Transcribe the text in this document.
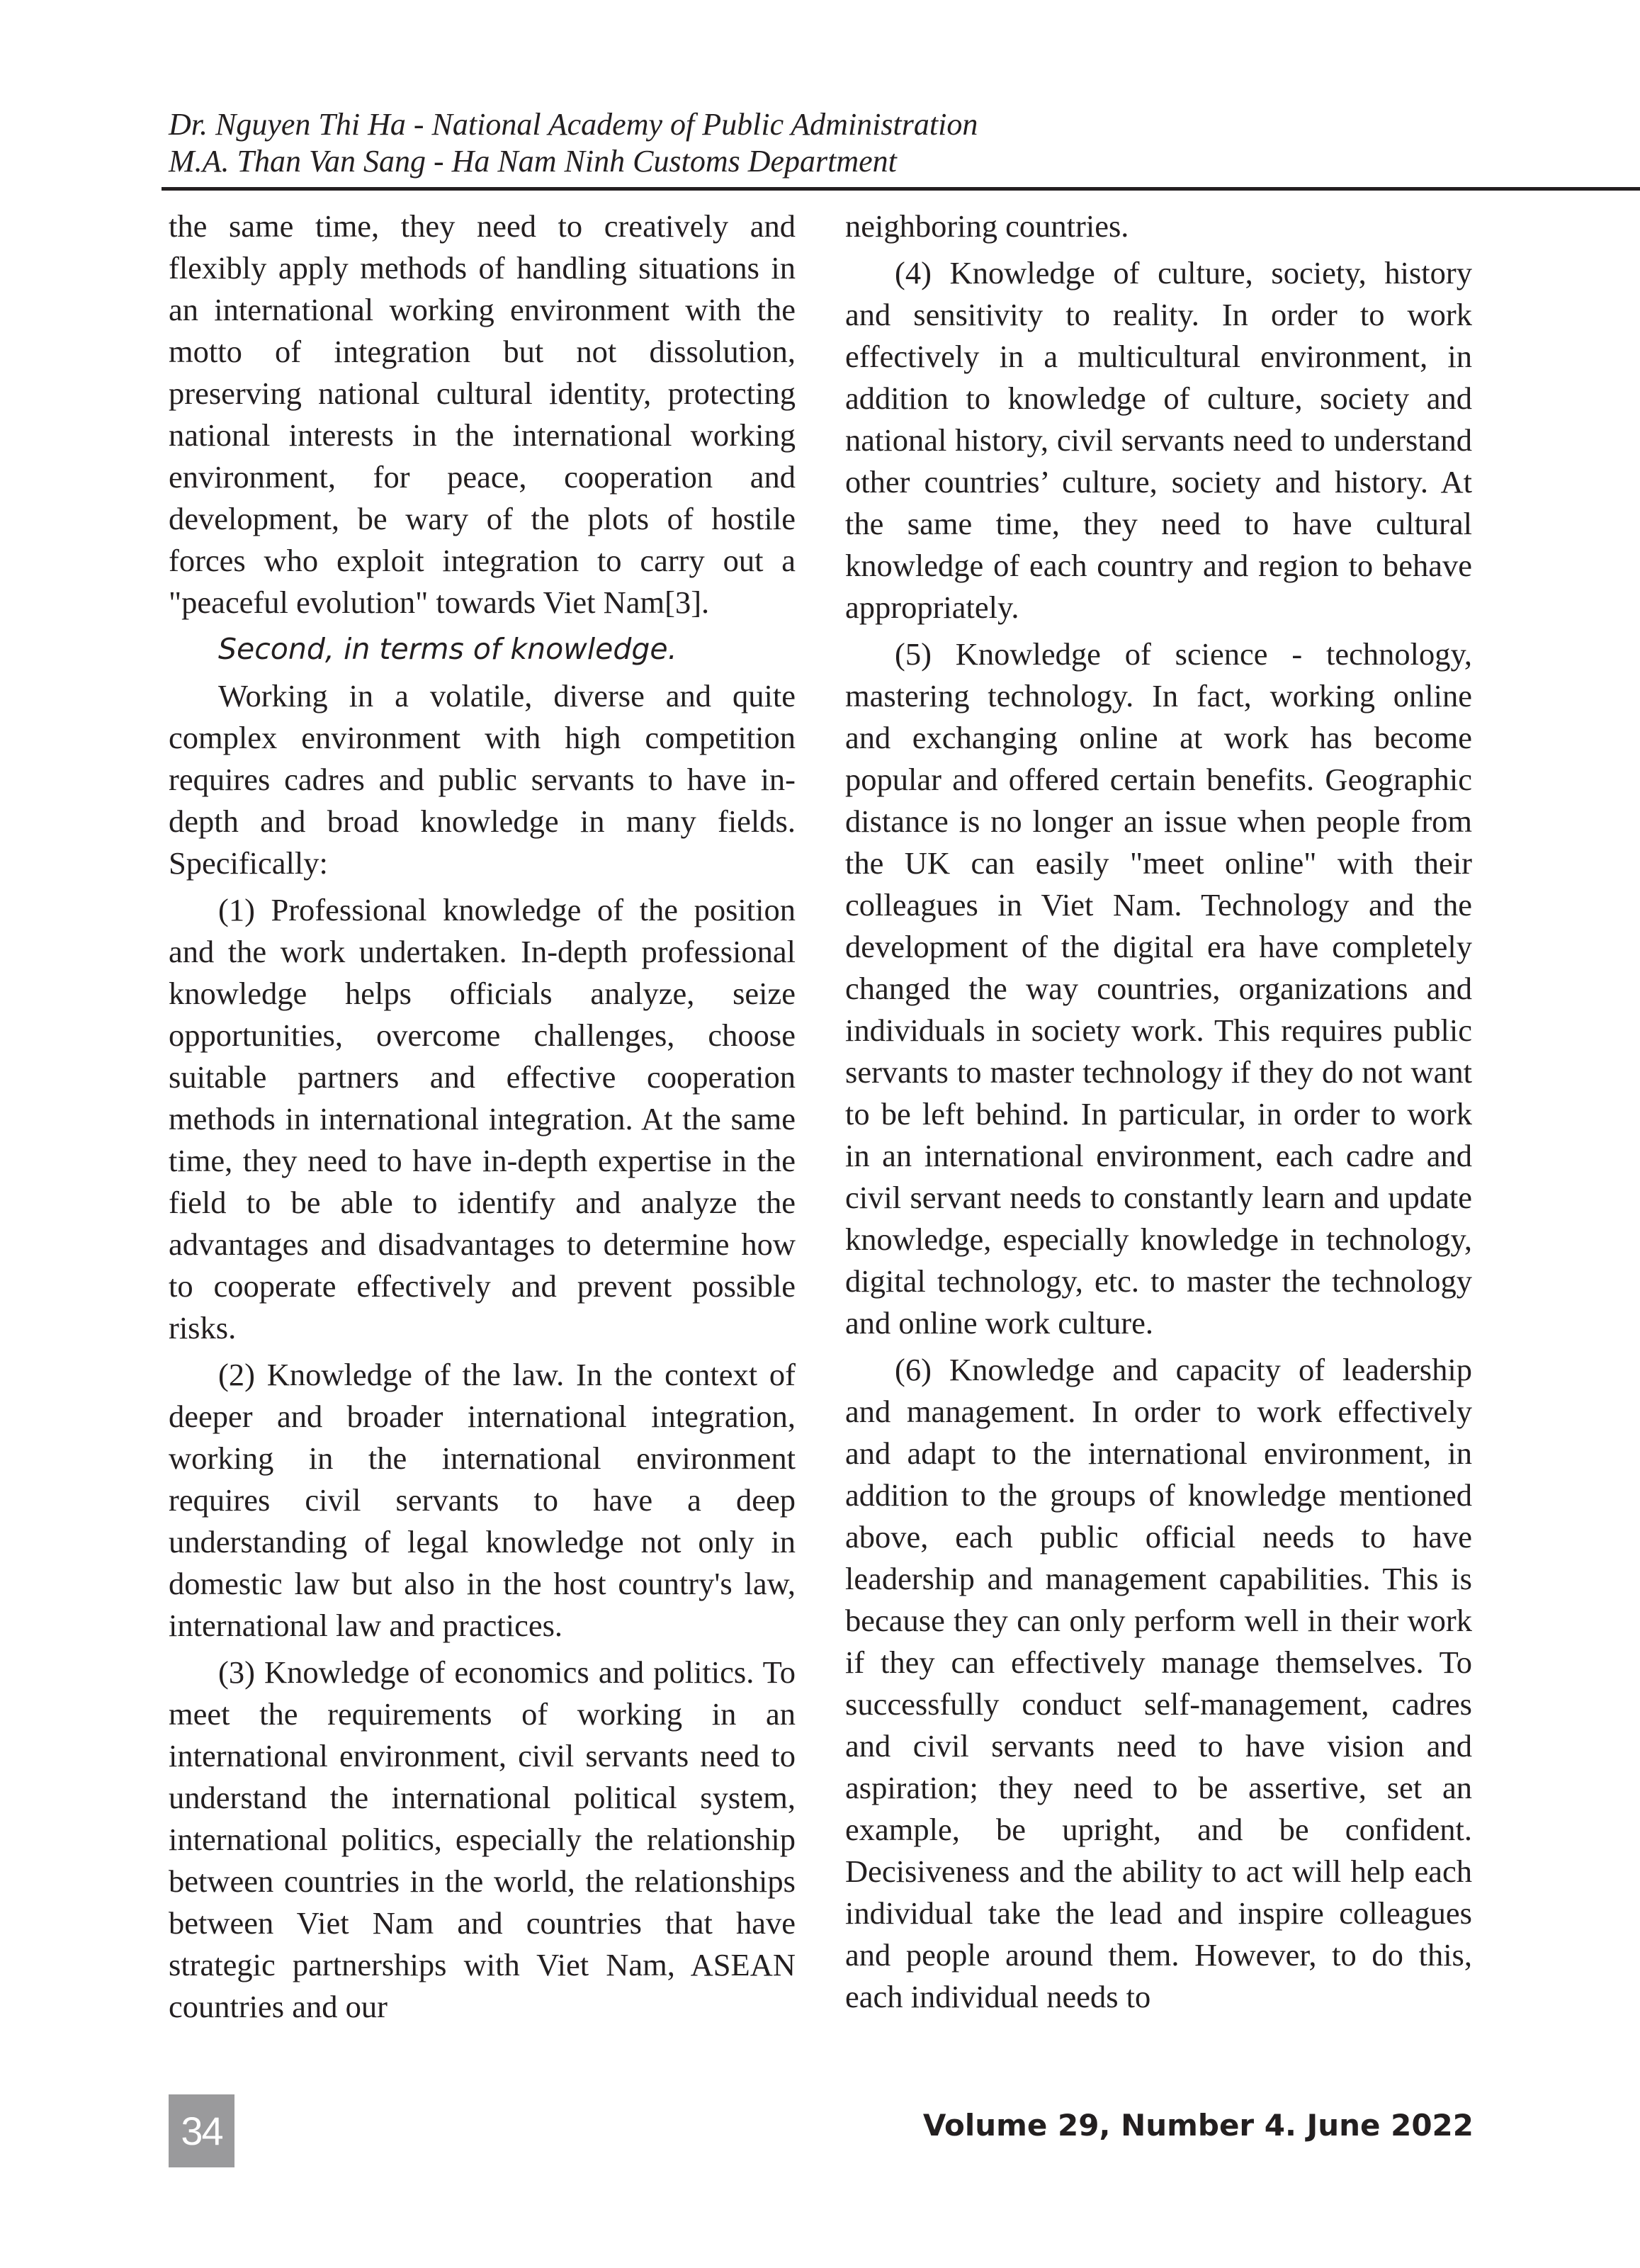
Dr. Nguyen Thi Ha - National Academy of Public Administration
M.A. Than Van Sang - Ha Nam Ninh Customs Department

the same time, they need to creatively and flexibly apply methods of handling situations in an international working environment with the motto of integration but not dissolution, preserving national cultural identity, protecting national interests in the international working environment, for peace, cooperation and development, be wary of the plots of hostile forces who exploit integration to carry out a "peaceful evolution" towards Viet Nam[3].

Second, in terms of knowledge.

Working in a volatile, diverse and quite complex environment with high competition requires cadres and public servants to have in-depth and broad knowledge in many fields. Specifically:

(1) Professional knowledge of the position and the work undertaken. In-depth professional knowledge helps officials analyze, seize opportunities, overcome challenges, choose suitable partners and effective cooperation methods in international integration. At the same time, they need to have in-depth expertise in the field to be able to identify and analyze the advantages and disadvantages to determine how to cooperate effectively and prevent possible risks.

(2) Knowledge of the law. In the context of deeper and broader international integration, working in the international environment requires civil servants to have a deep understanding of legal knowledge not only in domestic law but also in the host country's law, international law and practices.

(3) Knowledge of economics and politics. To meet the requirements of working in an international environment, civil servants need to understand the international political system, international politics, especially the relationship between countries in the world, the relationships between Viet Nam and countries that have strategic partnerships with Viet Nam, ASEAN countries and our

neighboring countries.

(4) Knowledge of culture, society, history and sensitivity to reality. In order to work effectively in a multicultural environment, in addition to knowledge of culture, society and national history, civil servants need to understand other countries’ culture, society and history. At the same time, they need to have cultural knowledge of each country and region to behave appropriately.

(5) Knowledge of science - technology, mastering technology. In fact, working online and exchanging online at work has become popular and offered certain benefits. Geographic distance is no longer an issue when people from the UK can easily "meet online" with their colleagues in Viet Nam. Technology and the development of the digital era have completely changed the way countries, organizations and individuals in society work. This requires public servants to master technology if they do not want to be left behind. In particular, in order to work in an international environment, each cadre and civil servant needs to constantly learn and update knowledge, especially knowledge in technology, digital technology, etc. to master the technology and online work culture.

(6) Knowledge and capacity of leadership and management. In order to work effectively and adapt to the international environment, in addition to the groups of knowledge mentioned above, each public official needs to have leadership and management capabilities. This is because they can only perform well in their work if they can effectively manage themselves. To successfully conduct self-management, cadres and civil servants need to have vision and aspiration; they need to be assertive, set an example, be upright, and be confident. Decisiveness and the ability to act will help each individual take the lead and inspire colleagues and people around them. However, to do this, each individual needs to

34	Volume 29, Number 4. June 2022
